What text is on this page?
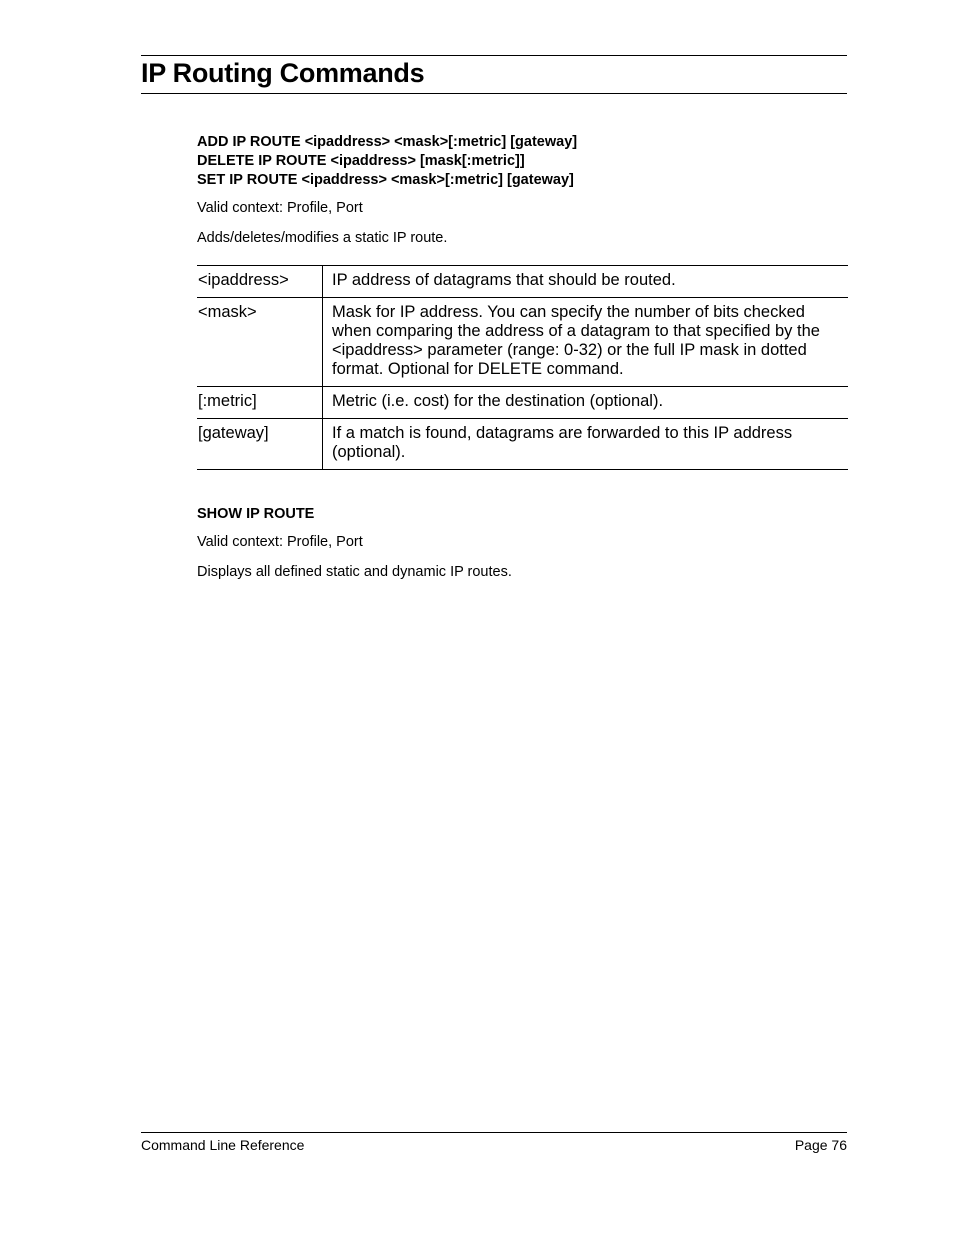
IP Routing Commands

ADD IP ROUTE <ipaddress> <mask>[:metric] [gateway]

DELETE IP ROUTE <ipaddress> [mask[:metric]]

SET IP ROUTE <ipaddress> <mask>[:metric] [gateway]

Valid context: Profile, Port

Adds/deletes/modifies a static IP route.

<ipaddress>	IP address of datagrams that should be routed.
<mask>	Mask for IP address. You can specify the number of bits checked
when comparing the address of a datagram to that specified by the
<ipaddress> parameter (range: 0-32) or the full IP mask in dotted
format. Optional for DELETE command.
[:metric]	Metric (i.e. cost) for the destination (optional).
[gateway]	If a match is found, datagrams are forwarded to this IP address
(optional).

SHOW IP ROUTE

Valid context: Profile, Port

Displays all defined static and dynamic IP routes.

Command Line Reference	Page 76
